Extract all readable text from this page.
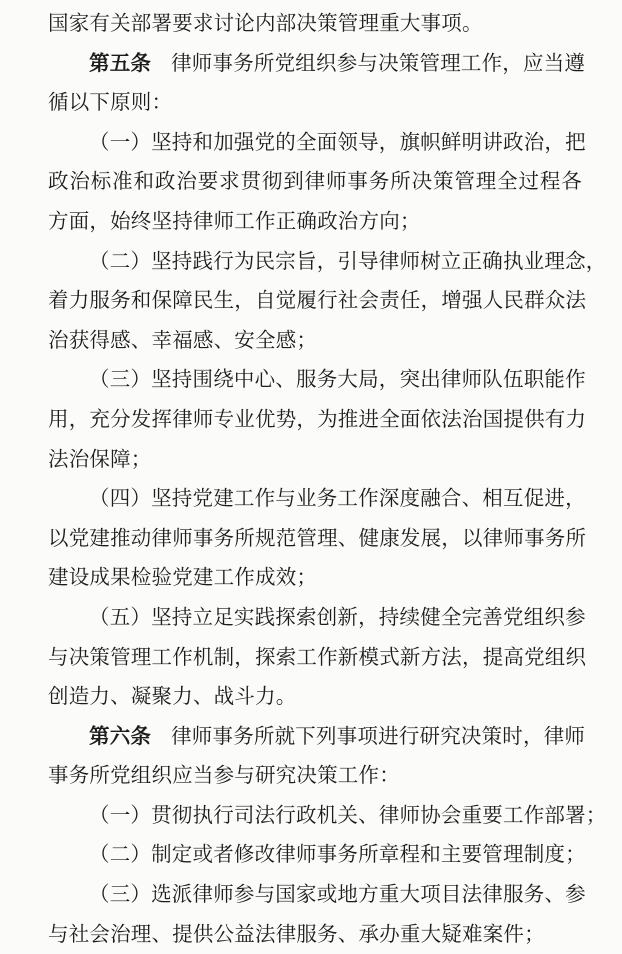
国家有关部署要求讨论内部决策管理重大事项。
第五条 律师事务所党组织参与决策管理工作，应当遵
循以下原则：
（一）坚持和加强党的全面领导，旗帜鲜明讲政治，把
政治标准和政治要求贯彻到律师事务所决策管理全过程各
方面，始终坚持律师工作正确政治方向；
（二）坚持践行为民宗旨，引导律师树立正确执业理念，
着力服务和保障民生，自觉履行社会责任，增强人民群众法
治获得感、幸福感、安全感；
（三）坚持围绕中心、服务大局，突出律师队伍职能作
用，充分发挥律师专业优势，为推进全面依法治国提供有力
法治保障；
（四）坚持党建工作与业务工作深度融合、相互促进，
以党建推动律师事务所规范管理、健康发展，以律师事务所
建设成果检验党建工作成效；
（五）坚持立足实践探索创新，持续健全完善党组织参
与决策管理工作机制，探索工作新模式新方法，提高党组织
创造力、凝聚力、战斗力。
第六条 律师事务所就下列事项进行研究决策时，律师
事务所党组织应当参与研究决策工作：
（一）贯彻执行司法行政机关、律师协会重要工作部署；
（二）制定或者修改律师事务所章程和主要管理制度；
（三）选派律师参与国家或地方重大项目法律服务、参
与社会治理、提供公益法律服务、承办重大疑难案件；
